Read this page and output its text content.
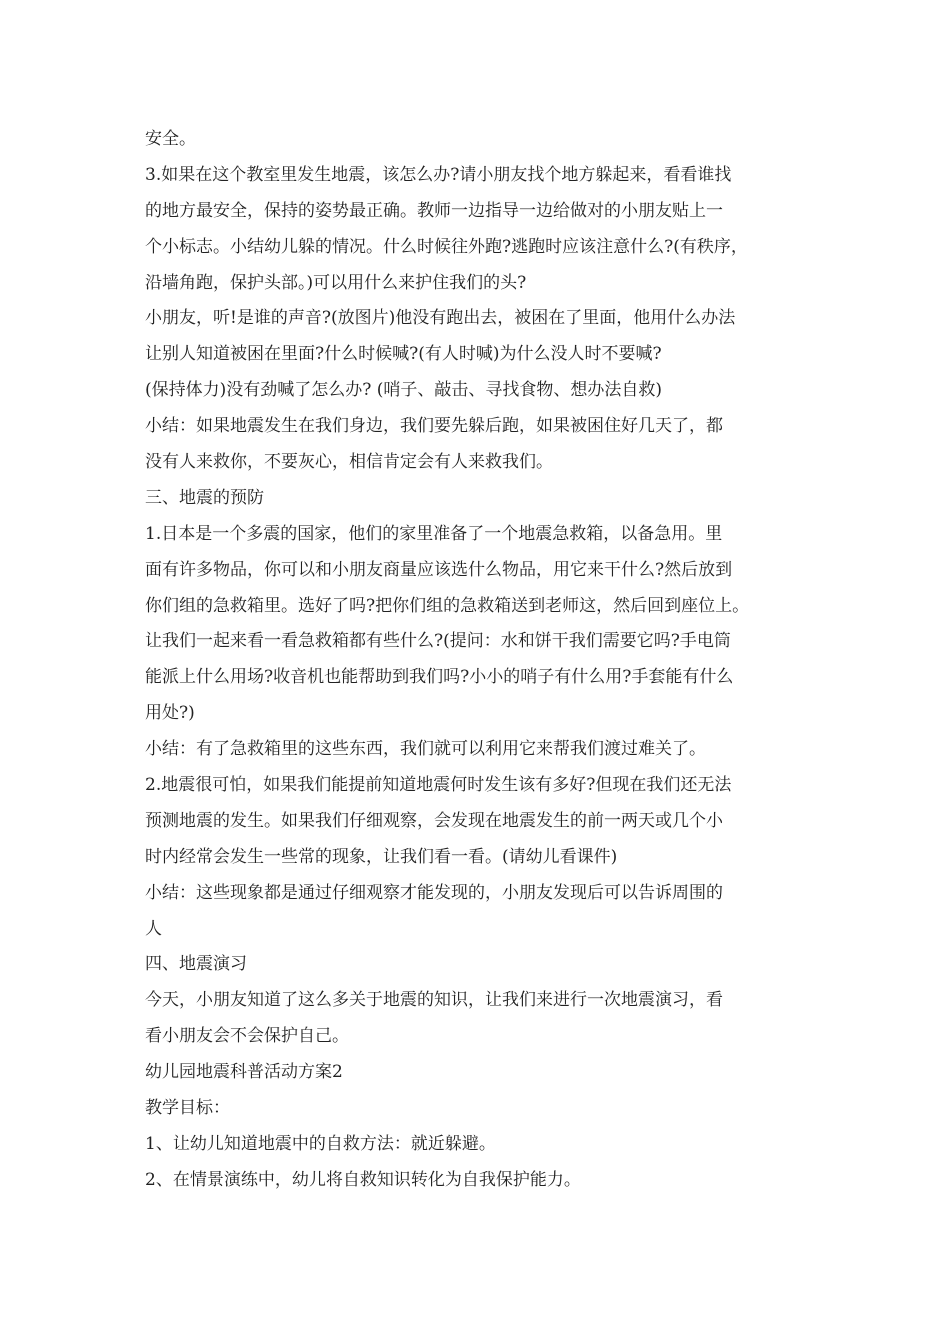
安全。
3.如果在这个教室里发生地震，该怎么办?请小朋友找个地方躲起来，看看谁找
的地方最安全，保持的姿势最正确。教师一边指导一边给做对的小朋友贴上一
个小标志。小结幼儿躲的情况。什么时候往外跑?逃跑时应该注意什么?(有秩序，
沿墙角跑，保护头部。)可以用什么来护住我们的头?
小朋友，听!是谁的声音?(放图片)他没有跑出去，被困在了里面，他用什么办法
让别人知道被困在里面?什么时候喊?(有人时喊)为什么没人时不要喊?
(保持体力)没有劲喊了怎么办? (哨子、敲击、寻找食物、想办法自救)
小结：如果地震发生在我们身边，我们要先躲后跑，如果被困住好几天了，都
没有人来救你，不要灰心，相信肯定会有人来救我们。
三、地震的预防
1.日本是一个多震的国家，他们的家里准备了一个地震急救箱，以备急用。里
面有许多物品，你可以和小朋友商量应该选什么物品，用它来干什么?然后放到
你们组的急救箱里。选好了吗?把你们组的急救箱送到老师这，然后回到座位上。
让我们一起来看一看急救箱都有些什么?(提问：水和饼干我们需要它吗?手电筒
能派上什么用场?收音机也能帮助到我们吗?小小的哨子有什么用?手套能有什么
用处?)
小结：有了急救箱里的这些东西，我们就可以利用它来帮我们渡过难关了。
2.地震很可怕，如果我们能提前知道地震何时发生该有多好?但现在我们还无法
预测地震的发生。如果我们仔细观察，会发现在地震发生的前一两天或几个小
时内经常会发生一些常的现象，让我们看一看。(请幼儿看课件)
小结：这些现象都是通过仔细观察才能发现的，小朋友发现后可以告诉周围的
人
四、地震演习
今天，小朋友知道了这么多关于地震的知识，让我们来进行一次地震演习，看
看小朋友会不会保护自己。
幼儿园地震科普活动方案2
教学目标：
1、让幼儿知道地震中的自救方法：就近躲避。
2、在情景演练中，幼儿将自救知识转化为自我保护能力。
